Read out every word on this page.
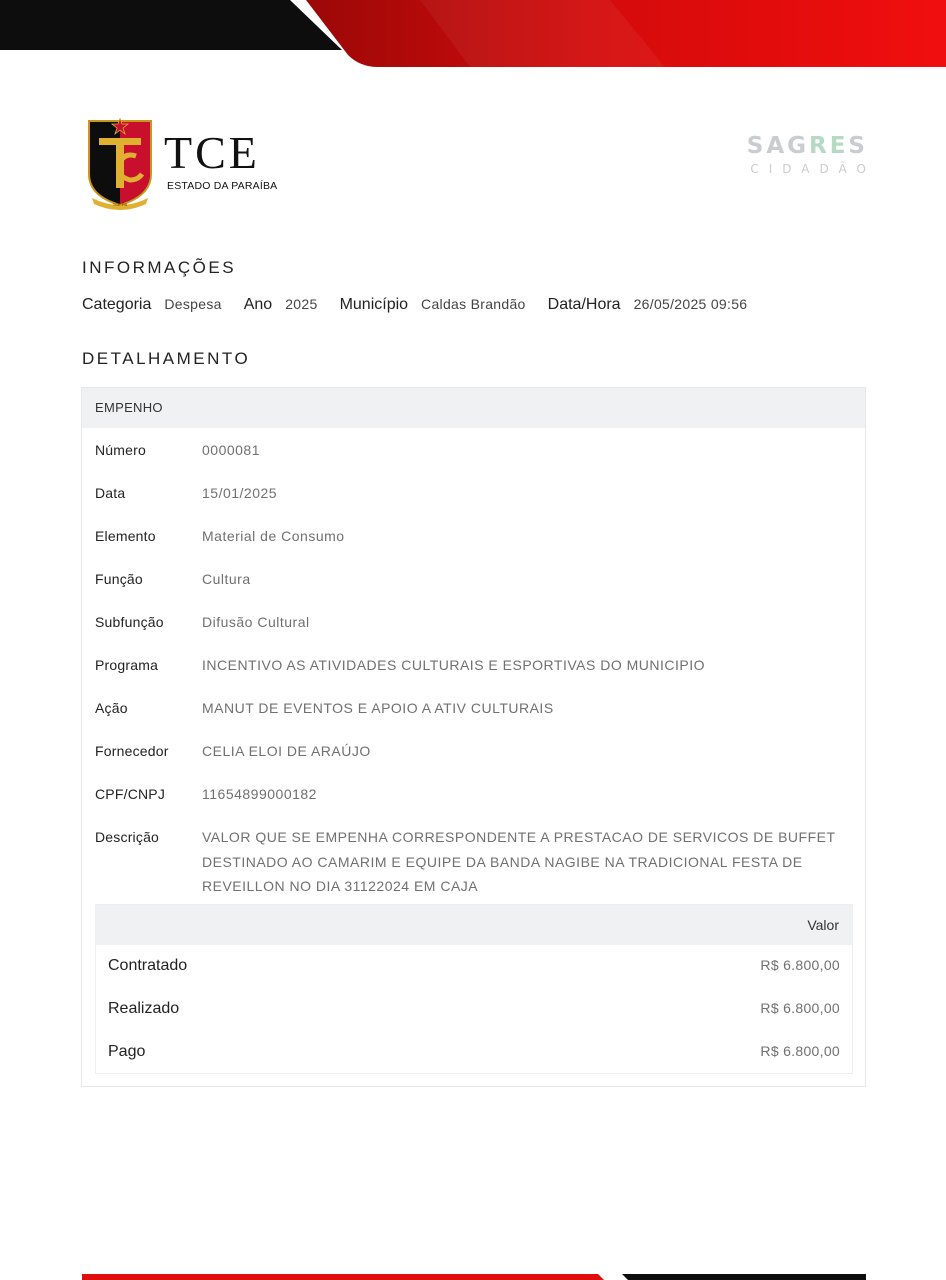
TCE PB
TCE
ESTADO DA PARAÍBA
SAGRES
CIDADÃO
INFORMAÇÕES
Categoria Despesa Ano 2025 Município Caldas Brandão Data/Hora 26/05/2025 09:56
DETALHAMENTO
EMPENHO
Número	0000081
Data	15/01/2025
Elemento	Material de Consumo
Função	Cultura
Subfunção	Difusão Cultural
Programa	INCENTIVO AS ATIVIDADES CULTURAIS E ESPORTIVAS DO MUNICIPIO
Ação	MANUT DE EVENTOS E APOIO A ATIV CULTURAIS
Fornecedor	CELIA ELOI DE ARAÚJO
CPF/CNPJ	11654899000182
Descrição	VALOR QUE SE EMPENHA CORRESPONDENTE A PRESTACAO DE SERVICOS DE BUFFET DESTINADO AO CAMARIM E EQUIPE DA BANDA NAGIBE NA TRADICIONAL FESTA DE REVEILLON NO DIA 31122024 EM CAJA
Valor
Contratado	R$ 6.800,00
Realizado	R$ 6.800,00
Pago	R$ 6.800,00
